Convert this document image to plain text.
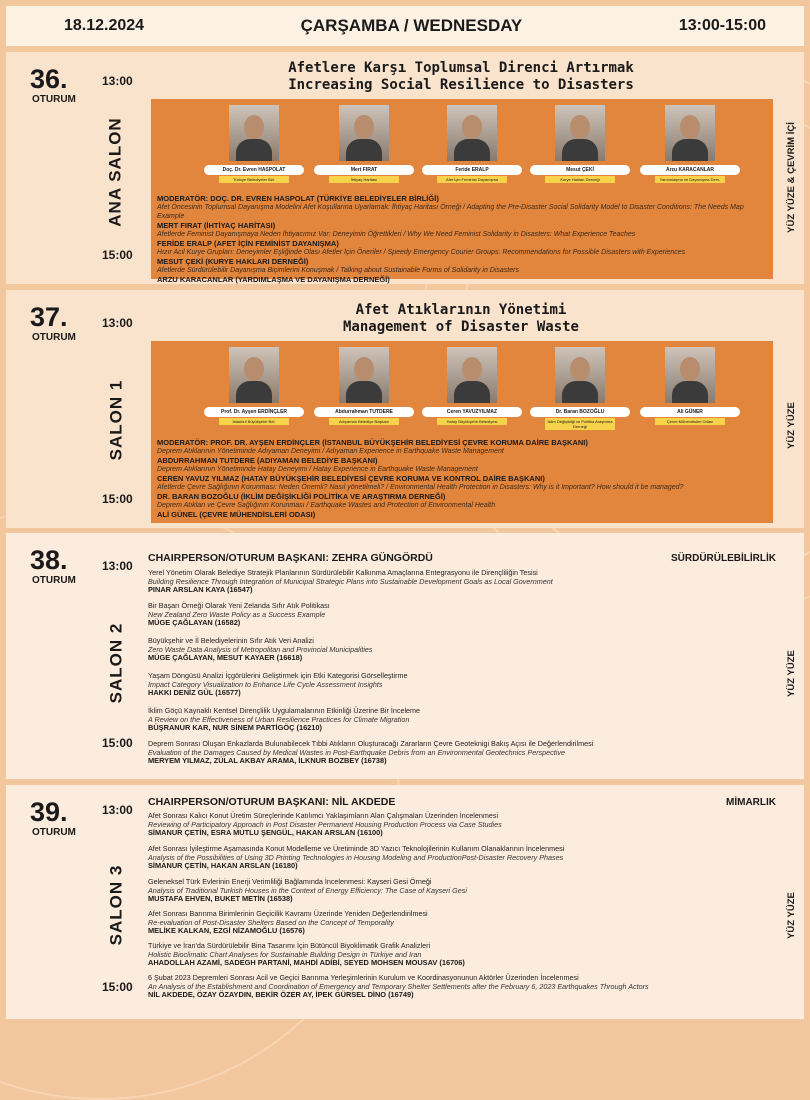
18.12.2024	ÇARŞAMBA / WEDNESDAY	13:00-15:00
36.
OTURUM
13:00
15:00
ANA SALON	YÜZ YÜZE & ÇEVRİM İÇİ
Afetlere Karşı Toplumsal Direnci Artırmak
Increasing Social Resilience to Disasters
Doç. Dr. Evren HASPOLAT
Türkiye Belediyeler Birl.
Mert FIRAT
İhtiyaç Haritası
Feride ERALP
Afet İçin Feminist Dayanışma
Mesut ÇEKİ
Kurye Hakları Derneği
Arzu KARACANLAR
Yardımlaşma ve Dayanışma Dern.
MODERATÖR: DOÇ. DR. EVREN HASPOLAT (TÜRKİYE BELEDİYELER BİRLİĞİ)
Afet Öncesinin Toplumsal Dayanışma Modelini Afet Koşullarına Uyarlamak: İhtiyaç Haritası Örneği / Adapting the Pre-Disaster Social Solidarity Model to Disaster Conditions: The Needs Map Example
MERT FIRAT (İHTİYAÇ HARİTASI)
Afetlerde Feminist Dayanışmaya Neden İhtiyacımız Var: Deneyimin Öğrettikleri / Why We Need Feminist Solidarity in Disasters: What Experience Teaches
FERİDE ERALP (AFET İÇİN FEMİNİST DAYANIŞMA)
Hızır Acil Kurye Grupları: Deneyimler Eşliğinde Olası Afetler İçin Öneriler / Speedy Emergency Courier Groups: Recommendations for Possible Disasters with Experiences
MESUT ÇEKİ (KURYE HAKLARI DERNEĞİ)
Afetlerde Sürdürülebilir Dayanışma Biçimlerini Konuşmak / Talking about Sustainable Forms of Solidarity in Disasters
ARZU KARACANLAR (YARDIMLAŞMA VE DAYANIŞMA DERNEĞİ)
37.
OTURUM
13:00
15:00
SALON 1	YÜZ YÜZE
Afet Atıklarının Yönetimi
Management of Disaster Waste
Prof. Dr. Ayşen ERDİNÇLER
İstanbul Büyükşehir Bel.
Abdurrahman TUTDERE
Adıyaman Belediye Başkanı
Ceren YAVUZYILMAZ
Hatay Büyükşehir Belediyesi
Dr. Baran BOZOĞLU
İklim Değişikliği ve Politika Araştırma Derneği
Ali GÜNER
Çevre Mühendisleri Odası
MODERATÖR: PROF. DR. AYŞEN ERDİNÇLER (İSTANBUL BÜYÜKŞEHİR BELEDİYESİ ÇEVRE KORUMA DAİRE BAŞKANI)
Deprem Atıklarının Yönetiminde Adıyaman Deneyimi / Adıyaman Experience in Earthquake Waste Management
ABDURRAHMAN TUTDERE (ADIYAMAN BELEDİYE BAŞKANI)
Deprem Atıklarının Yönetiminde Hatay Deneyimi / Hatay Experience in Earthquake Waste Management
CEREN YAVUZ YILMAZ (HATAY BÜYÜKŞEHİR BELEDİYESİ ÇEVRE KORUMA VE KONTROL DAİRE BAŞKANI)
Afetlerde Çevre Sağlığının Korunması: Neden Önemli? Nasıl yönetilmeli? / Environmental Health Protection in Disasters: Why is it Important? How should it be managed?
DR. BARAN BOZOĞLU (İKLİM DEĞİŞİKLİĞİ POLİTİKA VE ARAŞTIRMA DERNEĞİ)
Deprem Atıkları ve Çevre Sağlığının Korunması / Earthquake Wastes and Protection of Environmental Health
ALİ GÜNEL (ÇEVRE MÜHENDİSLERİ ODASI)
38.
OTURUM
13:00
15:00
SALON 2	YÜZ YÜZE
CHAIRPERSON/OTURUM BAŞKANI: ZEHRA GÜNGÖRDÜ	SÜRDÜRÜLEBİLİRLİK
Yerel Yönetim Olarak Belediye Stratejik Planlarının Sürdürülebilir Kalkınma Amaçlarına Entegrasyonu ile Dirençliliğin Tesisi
Building Resilience Through Integration of Municipal Strategic Plans into Sustainable Development Goals as Local Government
PINAR ARSLAN KAYA (16547)
Bir Başarı Örneği Olarak Yeni Zelanda Sıfır Atık Politikası
New Zealand Zero Waste Policy as a Success Example
MÜGE ÇAĞLAYAN (16582)
Büyükşehir ve İl Belediyelerinin Sıfır Atık Veri Analizi
Zero Waste Data Analysis of Metropolitan and Provincial Municipalities
MÜGE ÇAĞLAYAN, MESUT KAYAER (16618)
Yaşam Döngüsü Analizi İçgörülerini Geliştirmek için Etki Kategorisi Görselleştirme
Impact Category Visualization to Enhance Life Cycle Assessment Insights
HAKKI DENİZ GÜL (16577)
İklim Göçü Kaynaklı Kentsel Dirençlilik Uygulamalarının Etkinliği Üzerine Bir İnceleme
A Review on the Effectiveness of Urban Resilience Practices for Climate Migration
BÜŞRANUR KAR, NUR SİNEM PARTİGÖÇ (16210)
Deprem Sonrası Oluşan Enkazlarda Bulunabilecek Tıbbi Atıkların Oluşturacağı Zararların Çevre Geoteknigi Bakış Açısı ile Değerlendirilmesi
Evaluation of the Damages Caused by Medical Wastes in Post-Earthquake Debris from an Environmental Geotechnics Perspective
MERYEM YILMAZ, ZÜLAL AKBAY ARAMA, İLKNUR BOZBEY (16738)
39.
OTURUM
13:00
15:00
SALON 3	YÜZ YÜZE
CHAIRPERSON/OTURUM BAŞKANI: NİL AKDEDE	MİMARLIK
Afet Sonrası Kalıcı Konut Üretim Süreçlerinde Katılımcı Yaklaşımların Alan Çalışmaları Üzerinden İncelenmesi
Reviewing of Participatory Approach in Post Disaster Permanent Housing Production Process via Case Studies
SİMANUR ÇETİN, ESRA MUTLU ŞENGÜL, HAKAN ARSLAN (16100)
Afet Sonrası İyileştirme Aşamasında Konut Modelleme ve Üretiminde 3D Yazıcı Teknolojilerinin Kullanım Olanaklarının İncelenmesi
Analysis of the Possibilities of Using 3D Printing Technologies in Housing Modeling and ProductionPost-Disaster Recovery Phases
SİMANUR ÇETİN, HAKAN ARSLAN (16180)
Geleneksel Türk Evlerinin Enerji Verimliliği Bağlamında İncelenmesi: Kayseri Gesi Örneği
Analysis of Traditional Turkish Houses in the Context of Energy Efficiency: The Case of Kayseri Gesi
MUSTAFA EHVEN, BUKET METİN (16538)
Afet Sonrası Barınma Birimlerinin Geçicilik Kavramı Üzerinde Yeniden Değerlendirilmesi
Re-evaluation of Post-Disaster Shelters Based on the Concept of Temporality
MELİKE KALKAN, EZGİ NİZAMOĞLU (16576)
Türkiye ve İran'da Sürdürülebilir Bina Tasarımı İçin Bütüncül Biyoklimatik Grafik Analizleri
Holistic Bioclimatic Chart Analyses for Sustainable Building Design in Türkiye and Iran
AHADOLLAH AZAMİ, SADEGH PARTANİ, MAHDİ ADİBİ, SEYED MOHSEN MOUSAV (16706)
6 Şubat 2023 Depremleri Sonrası Acil ve Geçici Barınma Yerleşimlerinin Kurulum ve Koordinasyonunun Aktörler Üzerinden İncelenmesi
An Analysis of the Establishment and Coordination of Emergency and Temporary Shelter Settlements after the February 6, 2023 Earthquakes Through Actors
NİL AKDEDE, ÖZAY ÖZAYDIN, BEKİR ÖZER AY, İPEK GÜRSEL DİNO (16749)
